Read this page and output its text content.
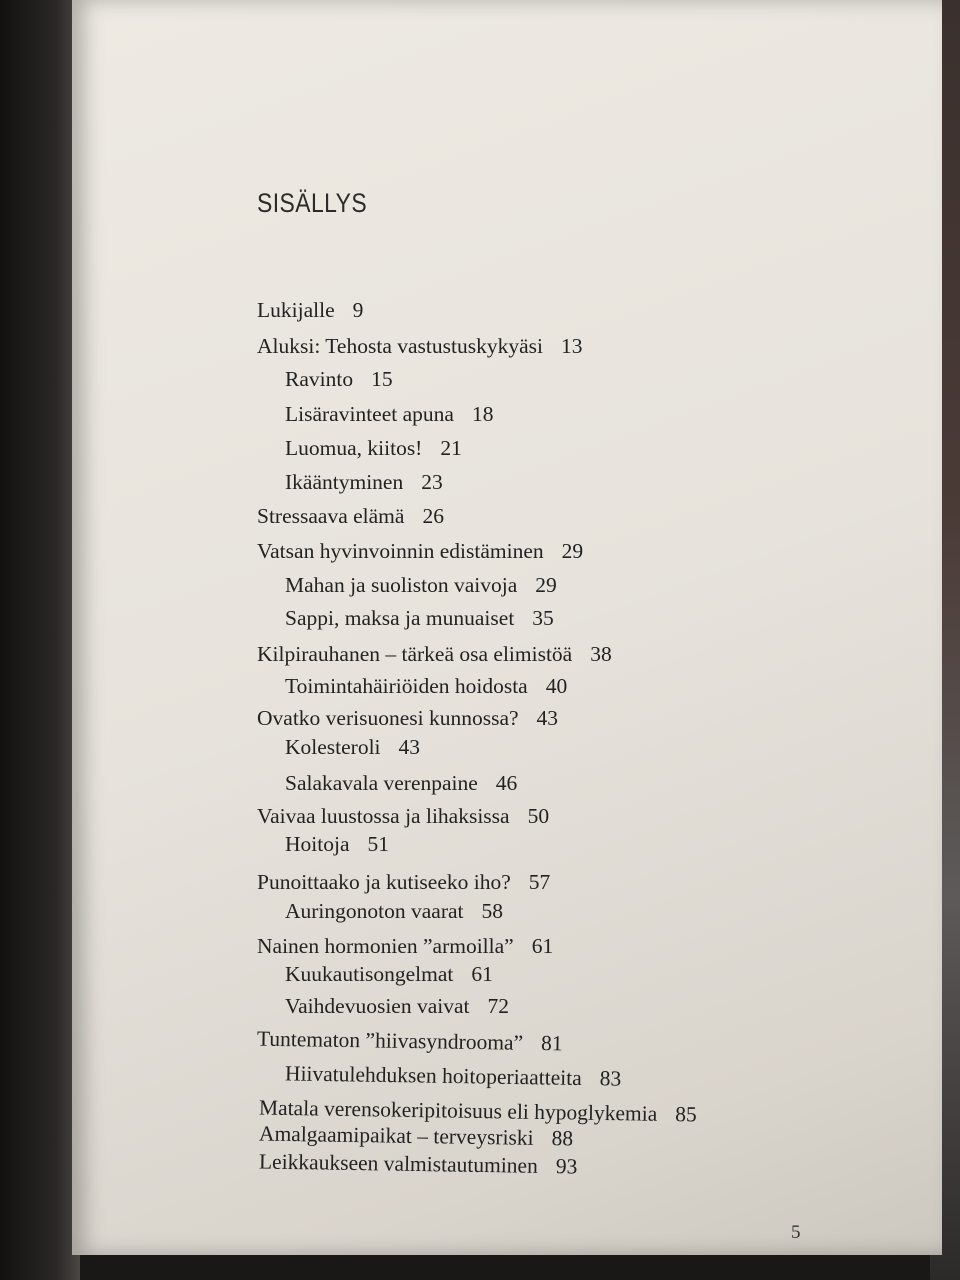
SISÄLLYS
Lukijalle 9
Aluksi: Tehosta vastustuskykyäsi 13
Ravinto 15
Lisäravinteet apuna 18
Luomua, kiitos! 21
Ikääntyminen 23
Stressaava elämä 26
Vatsan hyvinvoinnin edistäminen 29
Mahan ja suoliston vaivoja 29
Sappi, maksa ja munuaiset 35
Kilpirauhanen – tärkeä osa elimistöä 38
Toimintahäiriöiden hoidosta 40
Ovatko verisuonesi kunnossa? 43
Kolesteroli 43
Salakavala verenpaine 46
Vaivaa luustossa ja lihaksissa 50
Hoitoja 51
Punoittaako ja kutiseeko iho? 57
Auringonoton vaarat 58
Nainen hormonien ”armoilla” 61
Kuukautisongelmat 61
Vaihdevuosien vaivat 72
Tuntematon ”hiivasyndrooma” 81
Hiivatulehduksen hoitoperiaatteita 83
Matala verensokeripitoisuus eli hypoglykemia 85
Amalgaamipaikat – terveysriski 88
Leikkaukseen valmistautuminen 93
5
